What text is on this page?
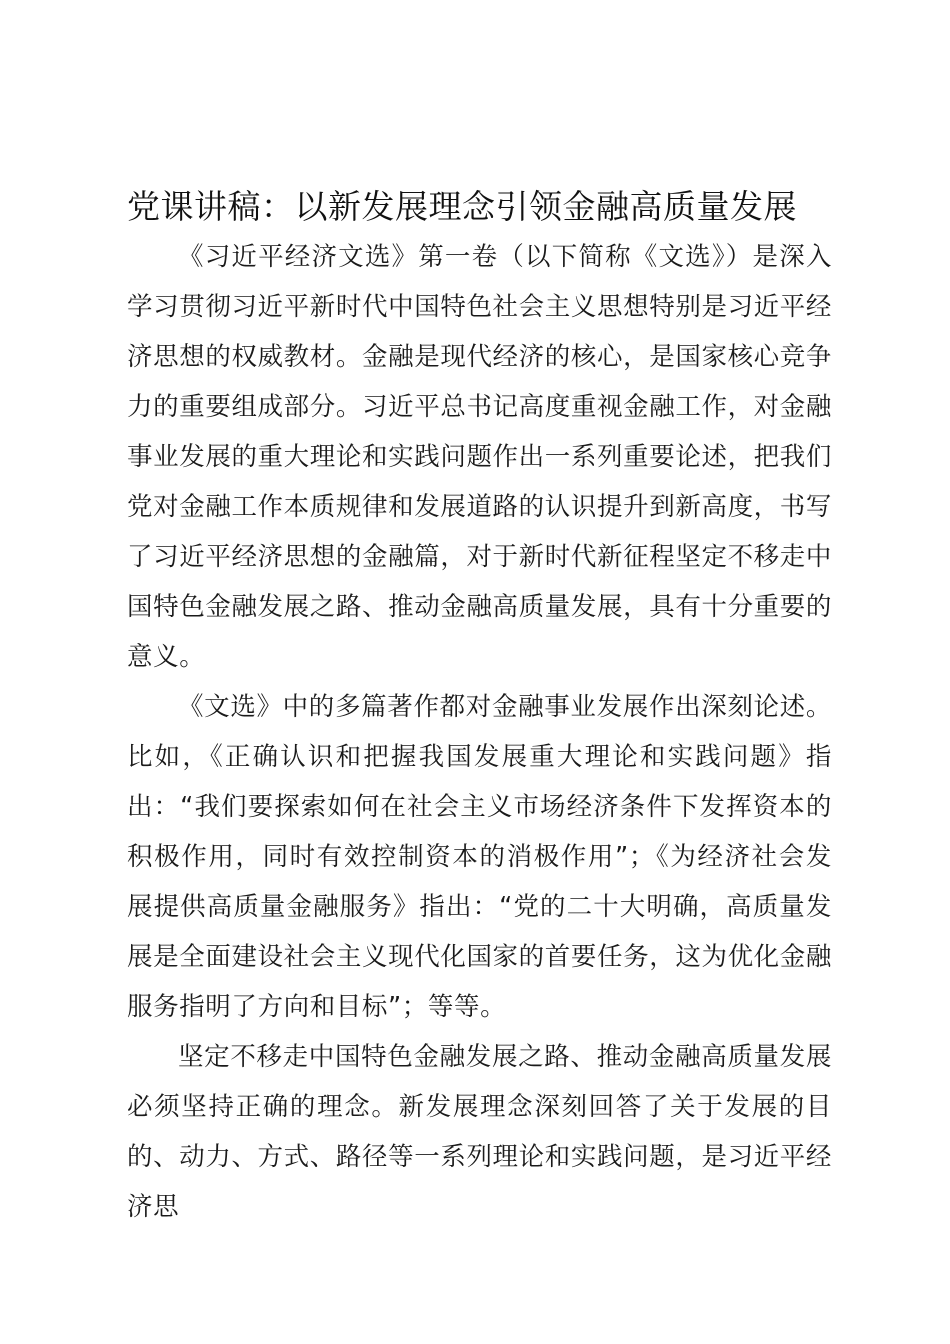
党课讲稿：以新发展理念引领金融高质量发展

《习近平经济文选》第一卷（以下简称《文选》）是深入学习贯彻习近平新时代中国特色社会主义思想特别是习近平经济思想的权威教材。金融是现代经济的核心，是国家核心竞争力的重要组成部分。习近平总书记高度重视金融工作，对金融事业发展的重大理论和实践问题作出一系列重要论述，把我们党对金融工作本质规律和发展道路的认识提升到新高度，书写了习近平经济思想的金融篇，对于新时代新征程坚定不移走中国特色金融发展之路、推动金融高质量发展，具有十分重要的意义。

《文选》中的多篇著作都对金融事业发展作出深刻论述。比如，《正确认识和把握我国发展重大理论和实践问题》指出：“我们要探索如何在社会主义市场经济条件下发挥资本的积极作用，同时有效控制资本的消极作用”；《为经济社会发展提供高质量金融服务》指出：“党的二十大明确，高质量发展是全面建设社会主义现代化国家的首要任务，这为优化金融服务指明了方向和目标”；等等。

坚定不移走中国特色金融发展之路、推动金融高质量发展必须坚持正确的理念。新发展理念深刻回答了关于发展的目的、动力、方式、路径等一系列理论和实践问题，是习近平经济思
